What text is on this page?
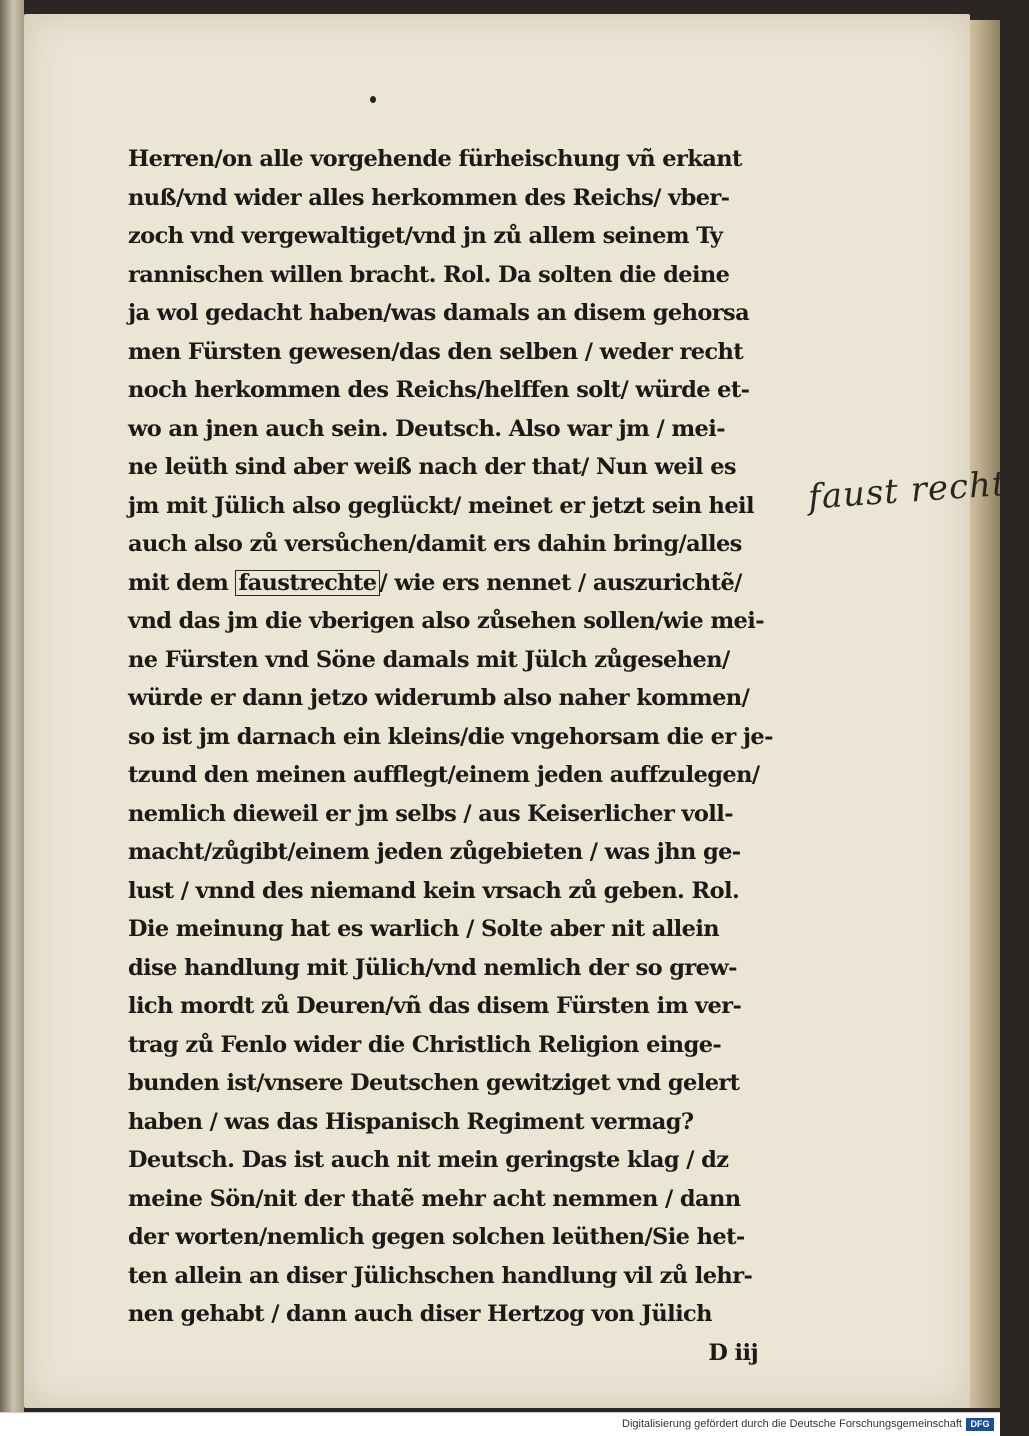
Herren/on alle vorgehende fürheischung vñ erkant
nuß/vnd wider alles herkommen des Reichs/ vber-
zoch vnd vergewaltiget/vnd jn zů allem seinem Ty
rannischen willen bracht. Rol. Da solten die deine
ja wol gedacht haben/was damals an disem gehorsa
men Fürsten gewesen/das den selben / weder recht
noch herkommen des Reichs/helffen solt/ würde et-
wo an jnen auch sein. Deutsch. Also war jm / mei-
ne leüth sind aber weiß nach der that/ Nun weil es
jm mit Jülich also geglückt/ meinet er jetzt sein heil
auch also zů versůchen/damit ers dahin bring/alles
mit dem faustrechte / wie ers nennet / auszurichtẽ/
vnd das jm die vberigen also zůsehen sollen/wie mei-
ne Fürsten vnd Söne damals mit Jülch zůgesehen/
würde er dann jetzo widerumb also naher kommen/
so ist jm darnach ein kleins/die vngehorsam die er je-
tzund den meinen aufflegt/einem jeden auffzulegen/
nemlich dieweil er jm selbs / aus Keiserlicher voll-
macht/zůgibt/einem jeden zůgebieten / was jhn ge-
lust / vnnd des niemand kein vrsach zů geben. Rol.
Die meinung hat es warlich / Solte aber nit allein
dise handlung mit Jülich/vnd nemlich der so grew-
lich mordt zů Deuren/vñ das disem Fürsten im ver-
trag zů Fenlo wider die Christlich Religion einge-
bunden ist/vnsere Deutschen gewitziget vnd gelert
haben / was das Hispanisch Regiment vermag?
Deutsch. Das ist auch nit mein geringste klag / dz
meine Sön/nit der thatẽ mehr acht nemmen / dann
der worten/nemlich gegen solchen leüthen/Sie het-
ten allein an diser Jülichschen handlung vil zů lehr-
nen gehabt / dann auch diser Hertzog von Jülich
D iij
faust rechte
Digitalisierung gefördert durch die Deutsche Forschungsgemeinschaft DFG
